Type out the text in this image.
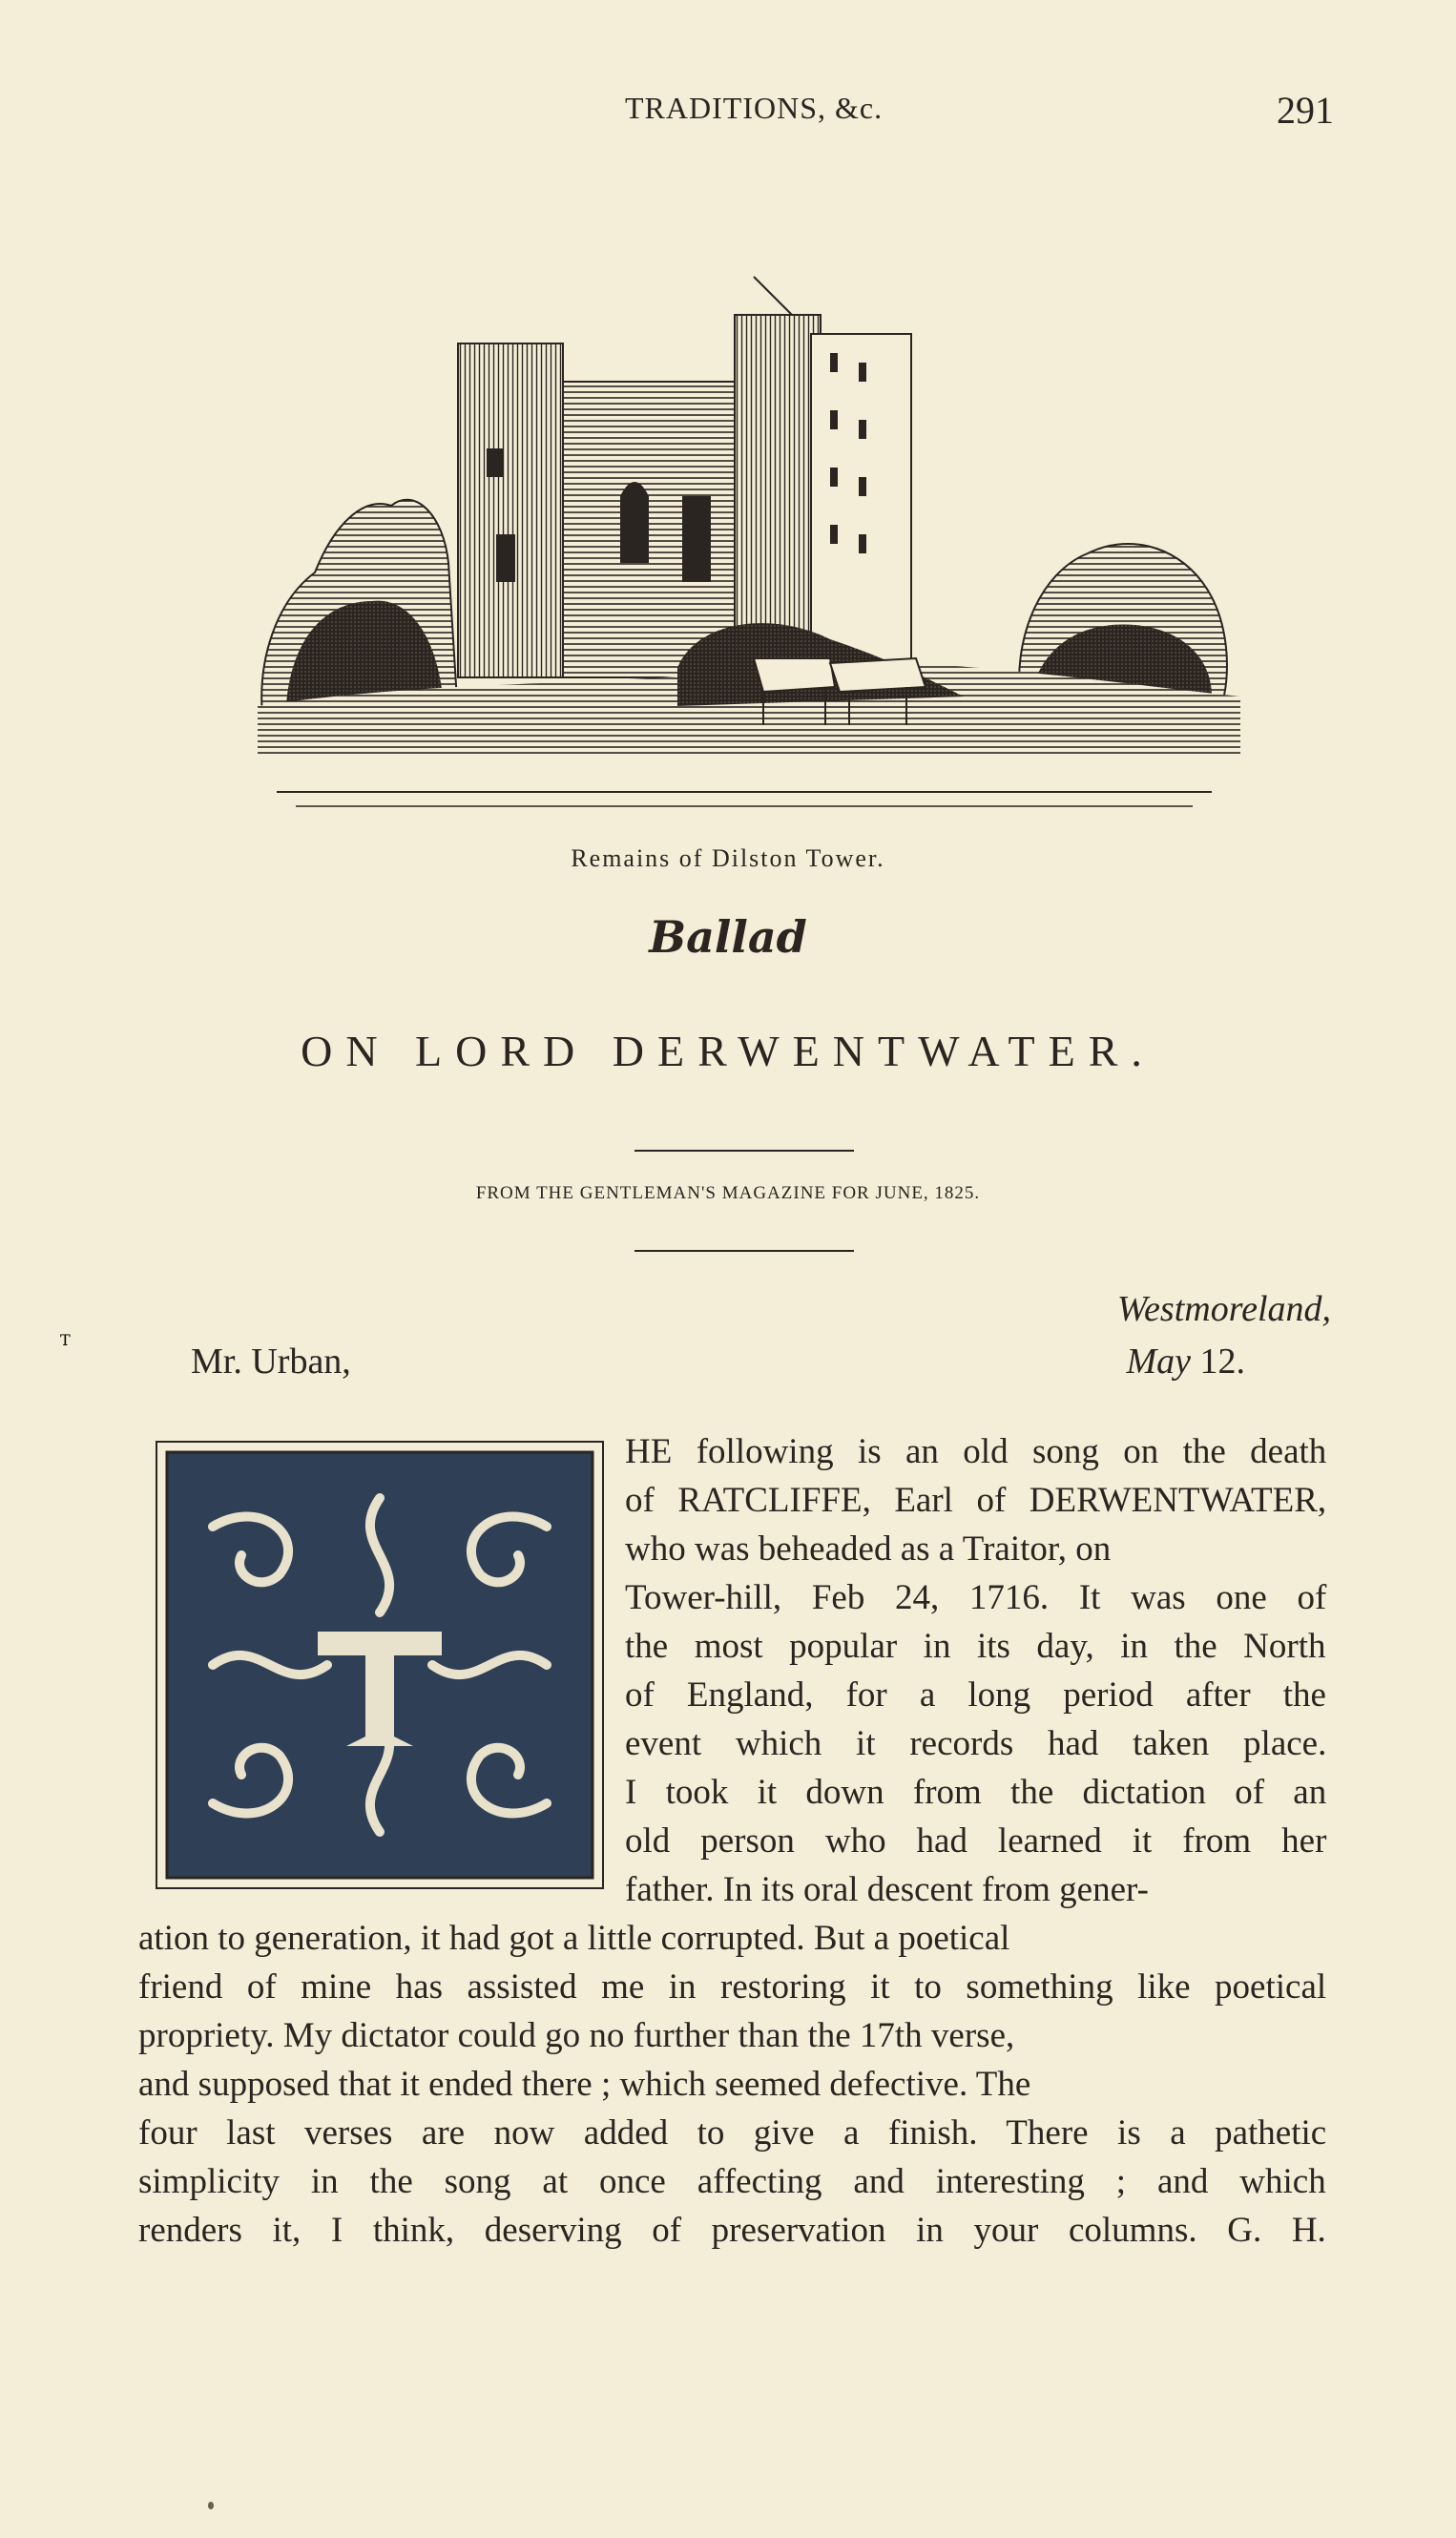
TRADITIONS, &c.	291
Remains of Dilston Tower.
Ballad
ON LORD DERWENTWATER.
FROM THE GENTLEMAN'S MAGAZINE FOR JUNE, 1825.
Westmoreland,
May 12.
Mr. Urban,
T
HE following is an old song on the death
of RATCLIFFE, Earl of DERWENTWATER,
who was beheaded as a Traitor, on
Tower-hill, Feb 24, 1716. It was one of
the most popular in its day, in the North
of England, for a long period after the
event which it records had taken place.
I took it down from the dictation of an
old person who had learned it from her
father. In its oral descent from gener-
ation to generation, it had got a little corrupted. But a poetical
friend of mine has assisted me in restoring it to something like poetical
propriety. My dictator could go no further than the 17th verse,
and supposed that it ended there ; which seemed defective. The
four last verses are now added to give a finish. There is a pathetic
simplicity in the song at once affecting and interesting ; and which
renders it, I think, deserving of preservation in your columns. G. H.
